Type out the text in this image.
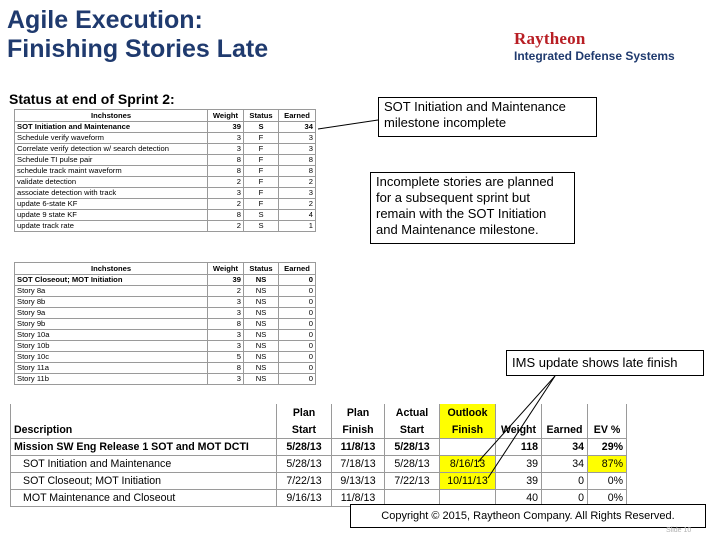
Agile Execution:
Finishing Stories Late	Raytheon
Integrated Defense Systems
Status at end of Sprint 2:
Inchstones	Weight	Status	Earned
SOT Initiation and Maintenance	39	S	34
Schedule verify waveform	3	F	3
Correlate verify detection w/ search detection	3	F	3
Schedule TI pulse pair	8	F	8
schedule track maint waveform	8	F	8
validate detection	2	F	2
associate detection with track	3	F	3
update 6-state KF	2	F	2
update 9 state KF	8	S	4
update track rate	2	S	1
Inchstones	Weight	Status	Earned
SOT Closeout; MOT Initiation	39	NS	0
Story 8a	2	NS	0
Story 8b	3	NS	0
Story 9a	3	NS	0
Story 9b	8	NS	0
Story 10a	3	NS	0
Story 10b	3	NS	0
Story 10c	5	NS	0
Story 11a	8	NS	0
Story 11b	3	NS	0
	Plan	Plan	Actual	Outlook			
Description	Start	Finish	Start	Finish	Weight	Earned	EV %
Mission SW Eng Release 1 SOT and MOT DCTI	5/28/13	11/8/13	5/28/13		118	34	29%
SOT Initiation and Maintenance	5/28/13	7/18/13	5/28/13	8/16/13	39	34	87%
SOT Closeout; MOT Initiation	7/22/13	9/13/13	7/22/13	10/11/13	39	0	0%
MOT Maintenance and Closeout	9/16/13	11/8/13			40	0	0%
SOT Initiation and Maintenance milestone incomplete
Incomplete stories are planned for a subsequent sprint but remain with the SOT Initiation and Maintenance milestone.
IMS update shows late finish
Copyright © 2015, Raytheon Company. All Rights Reserved.
Slide 10
